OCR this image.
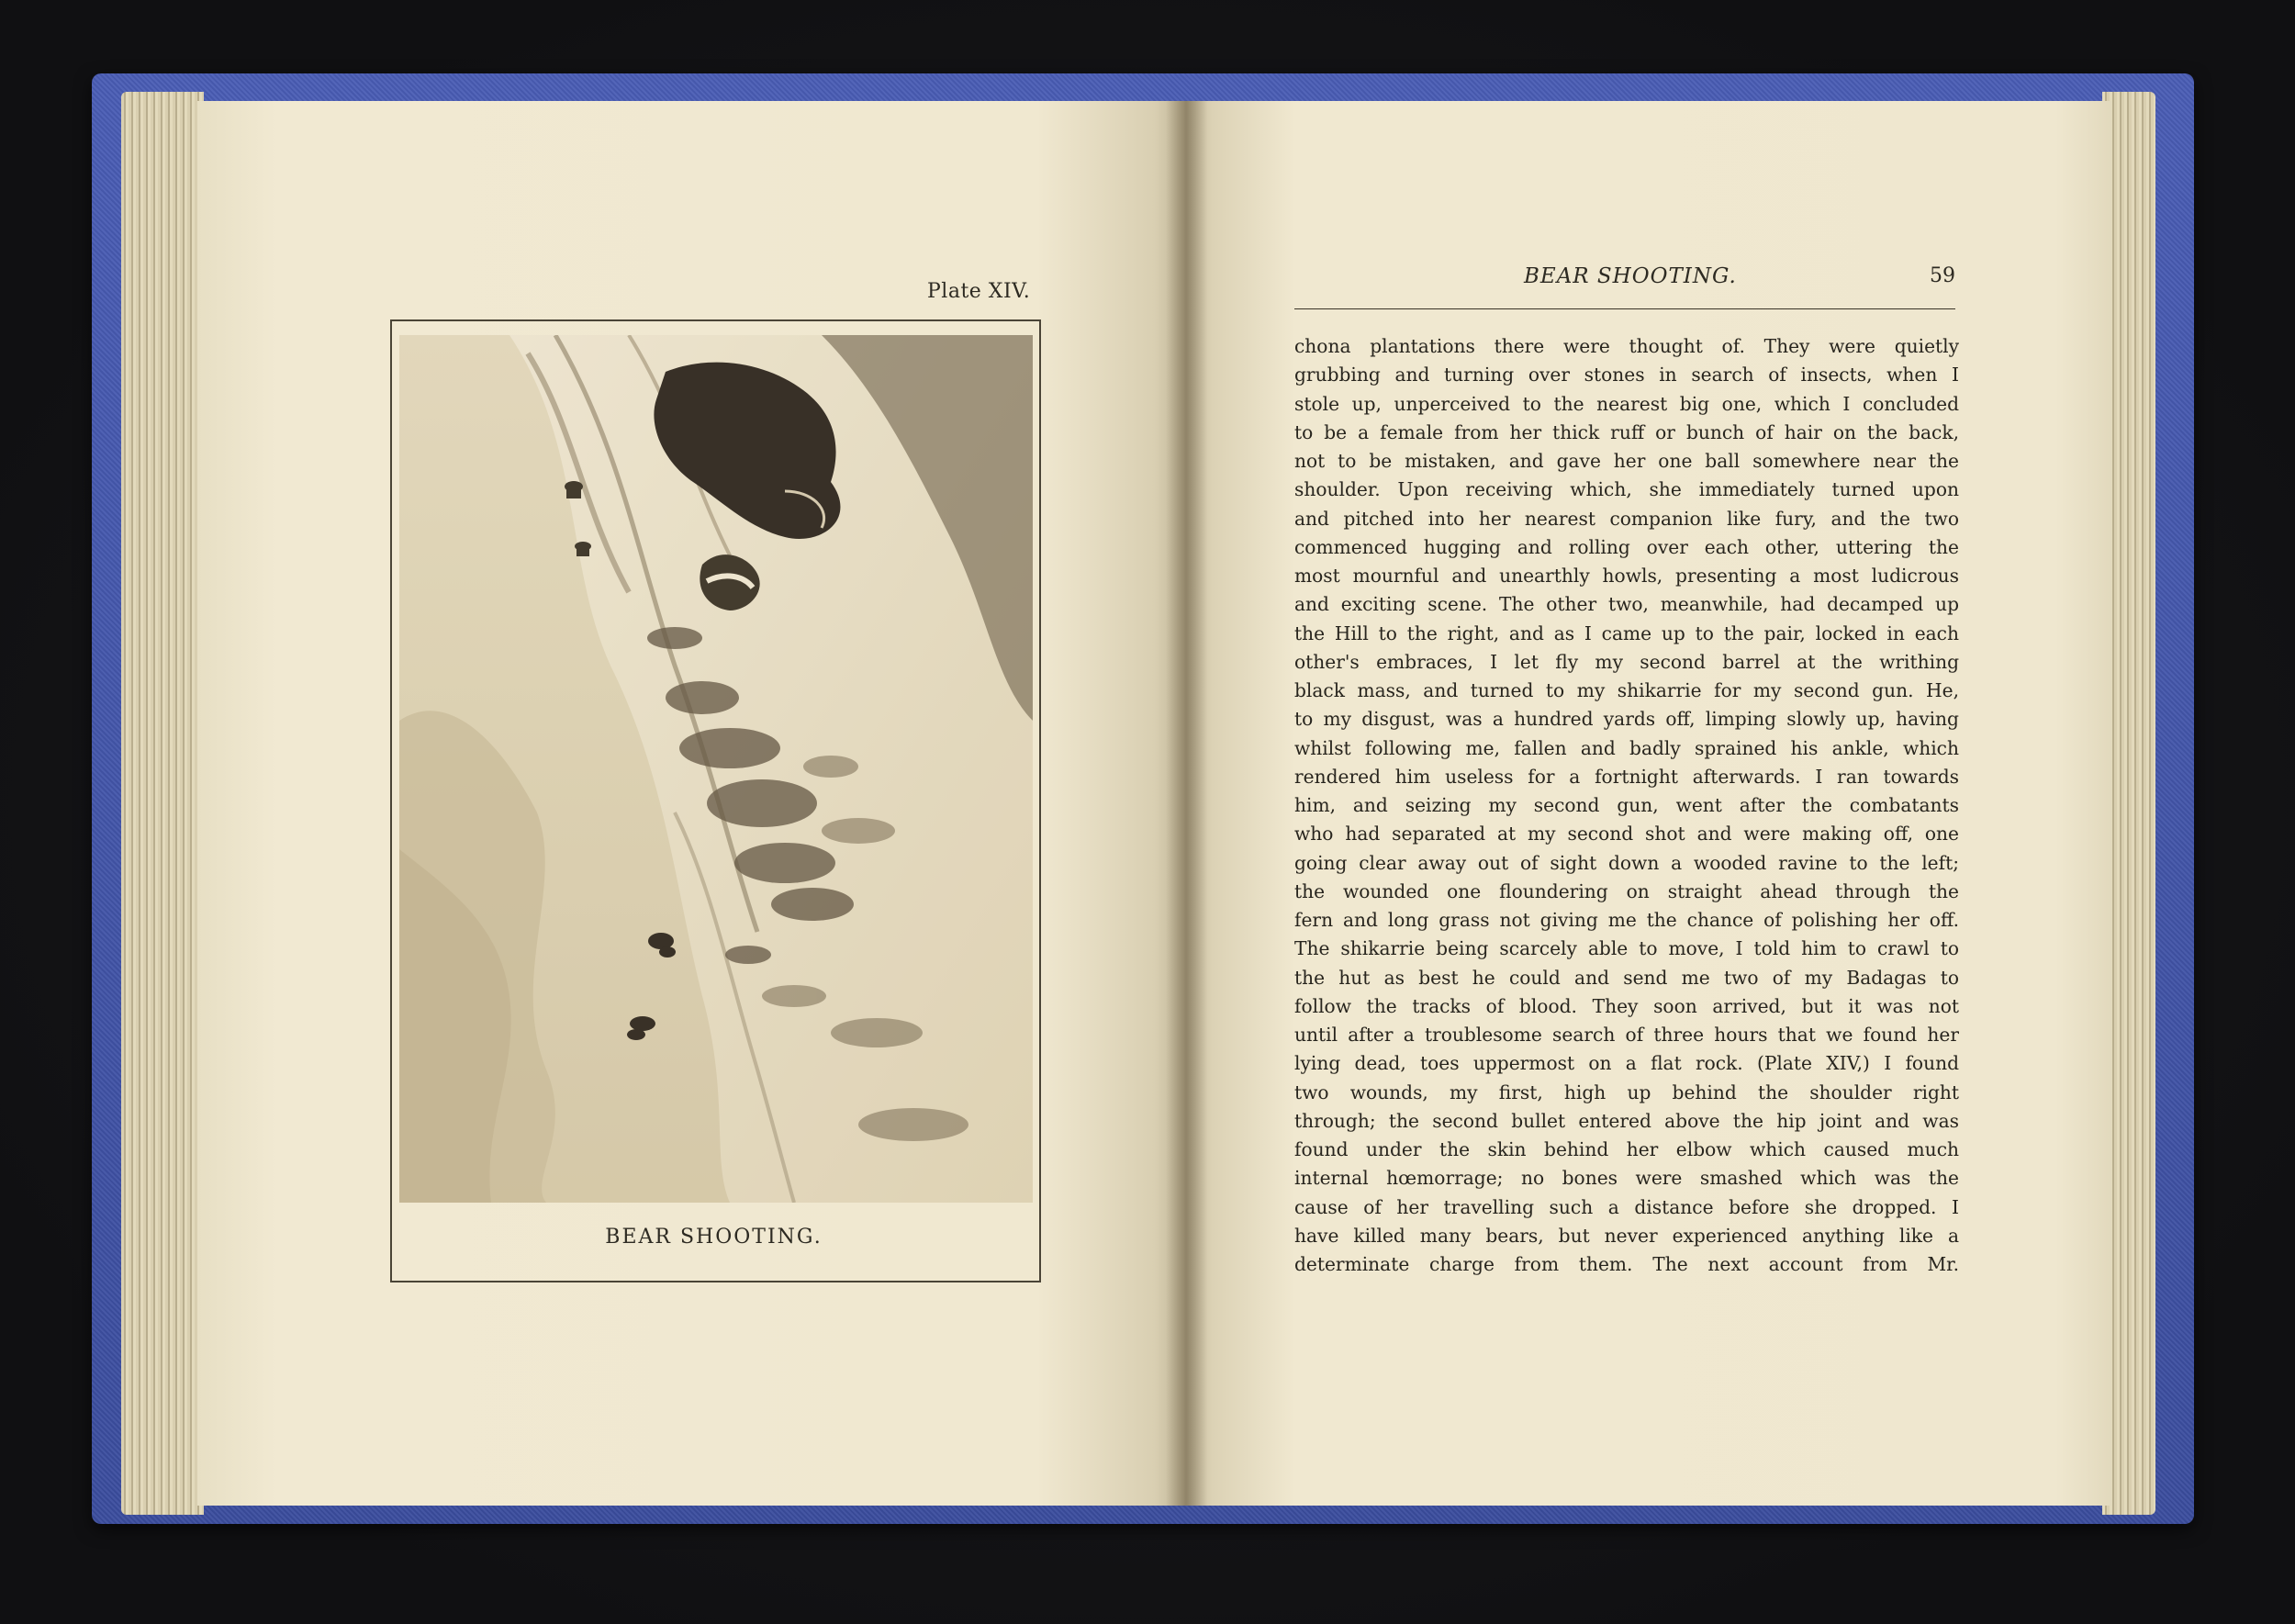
Plate XIV.
BEAR SHOOTING.
BEAR SHOOTING.	59
chona plantations there were thought of. They were quietly
grubbing and turning over stones in search of insects, when I
stole up, unperceived to the nearest big one, which I concluded
to be a female from her thick ruff or bunch of hair on the back,
not to be mistaken, and gave her one ball somewhere near the
shoulder. Upon receiving which, she immediately turned upon
and pitched into her nearest companion like fury, and the two
commenced hugging and rolling over each other, uttering the
most mournful and unearthly howls, presenting a most ludicrous
and exciting scene. The other two, meanwhile, had decamped up
the Hill to the right, and as I came up to the pair, locked in each
other's embraces, I let fly my second barrel at the writhing
black mass, and turned to my shikarrie for my second gun. He,
to my disgust, was a hundred yards off, limping slowly up, having
whilst following me, fallen and badly sprained his ankle, which
rendered him useless for a fortnight afterwards. I ran towards
him, and seizing my second gun, went after the combatants
who had separated at my second shot and were making off, one
going clear away out of sight down a wooded ravine to the left;
the wounded one floundering on straight ahead through the
fern and long grass not giving me the chance of polishing her off.
The shikarrie being scarcely able to move, I told him to crawl to
the hut as best he could and send me two of my Badagas to
follow the tracks of blood. They soon arrived, but it was not
until after a troublesome search of three hours that we found her
lying dead, toes uppermost on a flat rock. (Plate XIV,) I found
two wounds, my first, high up behind the shoulder right
through; the second bullet entered above the hip joint and was
found under the skin behind her elbow which caused much
internal hœmorrage; no bones were smashed which was the
cause of her travelling such a distance before she dropped. I
have killed many bears, but never experienced anything like a
determinate charge from them. The next account from Mr.
